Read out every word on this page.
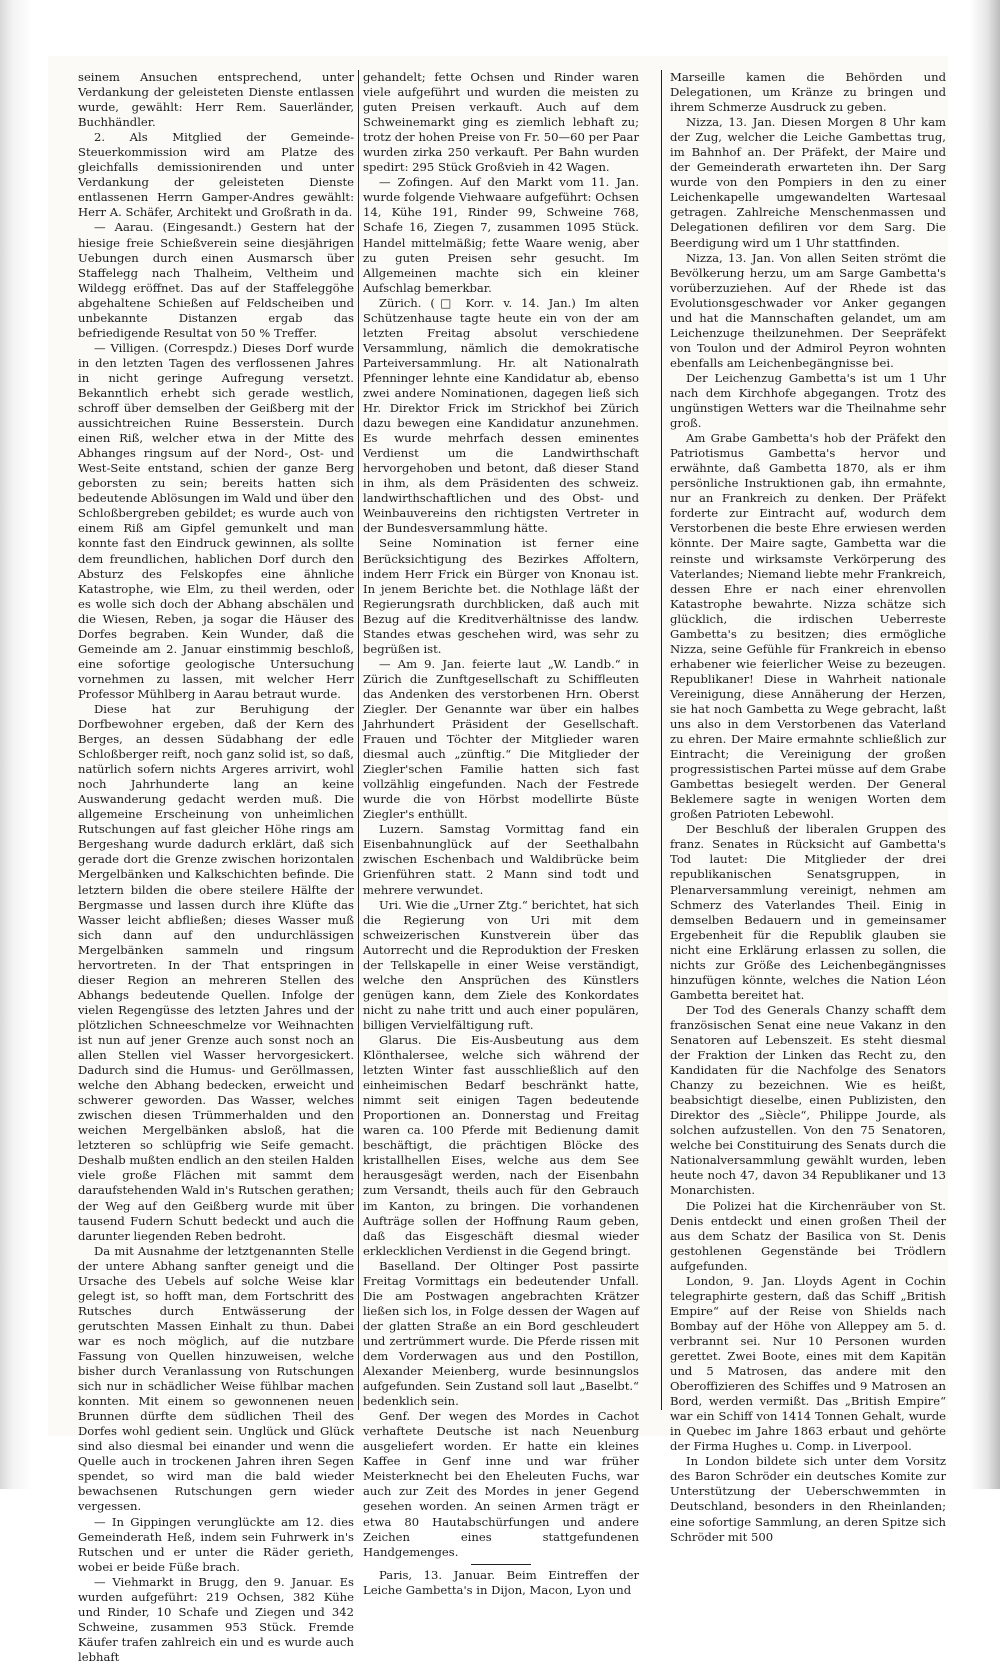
seinem Ansuchen entsprechend, unter Verdankung der geleisteten Dienste entlassen wurde, gewählt: Herr Rem. Sauerländer, Buchhändler.

2. Als Mitglied der Gemeinde-Steuerkommission wird am Platze des gleichfalls demissionirenden und unter Verdankung der geleisteten Dienste entlassenen Herrn Gamper-Andres gewählt: Herr A. Schäfer, Architekt und Großrath in da.

— Aarau. (Eingesandt.) Gestern hat der hiesige freie Schießverein seine diesjährigen Uebungen durch einen Ausmarsch über Staffelegg nach Thalheim, Veltheim und Wildegg eröffnet. Das auf der Staffeleggöhe abgehaltene Schießen auf Feldscheiben und unbekannte Distanzen ergab das befriedigende Resultat von 50 % Treffer.

— Villigen. (Correspdz.) Dieses Dorf wurde in den letzten Tagen des verflossenen Jahres in nicht geringe Aufregung versetzt. Bekanntlich erhebt sich gerade westlich, schroff über demselben der Geißberg mit der aussichtreichen Ruine Besserstein. Durch einen Riß, welcher etwa in der Mitte des Abhanges ringsum auf der Nord-, Ost- und West-Seite entstand, schien der ganze Berg geborsten zu sein; bereits hatten sich bedeutende Ablösungen im Wald und über den Schloßbergreben gebildet; es wurde auch von einem Riß am Gipfel gemunkelt und man konnte fast den Eindruck gewinnen, als sollte dem freundlichen, hablichen Dorf durch den Absturz des Felskopfes eine ähnliche Katastrophe, wie Elm, zu theil werden, oder es wolle sich doch der Abhang abschälen und die Wiesen, Reben, ja sogar die Häuser des Dorfes begraben. Kein Wunder, daß die Gemeinde am 2. Januar einstimmig beschloß, eine sofortige geologische Untersuchung vornehmen zu lassen, mit welcher Herr Professor Mühlberg in Aarau betraut wurde.

Diese hat zur Beruhigung der Dorfbewohner ergeben, daß der Kern des Berges, an dessen Südabhang der edle Schloßberger reift, noch ganz solid ist, so daß, natürlich sofern nichts Argeres arrivirt, wohl noch Jahrhunderte lang an keine Auswanderung gedacht werden muß. Die allgemeine Erscheinung von unheimlichen Rutschungen auf fast gleicher Höhe rings am Bergeshang wurde dadurch erklärt, daß sich gerade dort die Grenze zwischen horizontalen Mergelbänken und Kalkschichten befinde. Die letztern bilden die obere steilere Hälfte der Bergmasse und lassen durch ihre Klüfte das Wasser leicht abfließen; dieses Wasser muß sich dann auf den undurchlässigen Mergelbänken sammeln und ringsum hervortreten. In der That entspringen in dieser Region an mehreren Stellen des Abhangs bedeutende Quellen. Infolge der vielen Regengüsse des letzten Jahres und der plötzlichen Schneeschmelze vor Weihnachten ist nun auf jener Grenze auch sonst noch an allen Stellen viel Wasser hervorgesickert. Dadurch sind die Humus- und Geröllmassen, welche den Abhang bedecken, erweicht und schwerer geworden. Das Wasser, welches zwischen diesen Trümmerhalden und den weichen Mergelbänken absloß, hat die letzteren so schlüpfrig wie Seife gemacht. Deshalb mußten endlich an den steilen Halden viele große Flächen mit sammt dem daraufstehenden Wald in's Rutschen gerathen; der Weg auf den Geißberg wurde mit über tausend Fudern Schutt bedeckt und auch die darunter liegenden Reben bedroht.

Da mit Ausnahme der letztgenannten Stelle der untere Abhang sanfter geneigt und die Ursache des Uebels auf solche Weise klar gelegt ist, so hofft man, dem Fortschritt des Rutsches durch Entwässerung der gerutschten Massen Einhalt zu thun. Dabei war es noch möglich, auf die nutzbare Fassung von Quellen hinzuweisen, welche bisher durch Veranlassung von Rutschungen sich nur in schädlicher Weise fühlbar machen konnten. Mit einem so gewonnenen neuen Brunnen dürfte dem südlichen Theil des Dorfes wohl gedient sein. Unglück und Glück sind also diesmal bei einander und wenn die Quelle auch in trockenen Jahren ihren Segen spendet, so wird man die bald wieder bewachsenen Rutschungen gern wieder vergessen.

— In Gippingen verunglückte am 12. dies Gemeinderath Heß, indem sein Fuhrwerk in's Rutschen und er unter die Räder gerieth, wobei er beide Füße brach.

— Viehmarkt in Brugg, den 9. Januar. Es wurden aufgeführt: 219 Ochsen, 382 Kühe und Rinder, 10 Schafe und Ziegen und 342 Schweine, zusammen 953 Stück. Fremde Käufer trafen zahlreich ein und es wurde auch lebhaft

gehandelt; fette Ochsen und Rinder waren viele aufgeführt und wurden die meisten zu guten Preisen verkauft. Auch auf dem Schweinemarkt ging es ziemlich lebhaft zu; trotz der hohen Preise von Fr. 50—60 per Paar wurden zirka 250 verkauft. Per Bahn wurden spedirt: 295 Stück Großvieh in 42 Wagen.

— Zofingen. Auf den Markt vom 11. Jan. wurde folgende Viehwaare aufgeführt: Ochsen 14, Kühe 191, Rinder 99, Schweine 768, Schafe 16, Ziegen 7, zusammen 1095 Stück. Handel mittelmäßig; fette Waare wenig, aber zu guten Preisen sehr gesucht. Im Allgemeinen machte sich ein kleiner Aufschlag bemerkbar.

Zürich. (□ Korr. v. 14. Jan.) Im alten Schützenhause tagte heute ein von der am letzten Freitag absolut verschiedene Versammlung, nämlich die demokratische Parteiversammlung. Hr. alt Nationalrath Pfenninger lehnte eine Kandidatur ab, ebenso zwei andere Nominationen, dagegen ließ sich Hr. Direktor Frick im Strickhof bei Zürich dazu bewegen eine Kandidatur anzunehmen. Es wurde mehrfach dessen eminentes Verdienst um die Landwirthschaft hervorgehoben und betont, daß dieser Stand in ihm, als dem Präsidenten des schweiz. landwirthschaftlichen und des Obst- und Weinbauvereins den richtigsten Vertreter in der Bundesversammlung hätte.

Seine Nomination ist ferner eine Berücksichtigung des Bezirkes Affoltern, indem Herr Frick ein Bürger von Knonau ist. In jenem Berichte bet. die Nothlage läßt der Regierungsrath durchblicken, daß auch mit Bezug auf die Kreditverhältnisse des landw. Standes etwas geschehen wird, was sehr zu begrüßen ist.

— Am 9. Jan. feierte laut „W. Landb.“ in Zürich die Zunftgesellschaft zu Schiffleuten das Andenken des verstorbenen Hrn. Oberst Ziegler. Der Genannte war über ein halbes Jahrhundert Präsident der Gesellschaft. Frauen und Töchter der Mitglieder waren diesmal auch „zünftig.“ Die Mitglieder der Ziegler'schen Familie hatten sich fast vollzählig eingefunden. Nach der Festrede wurde die von Hörbst modellirte Büste Ziegler's enthüllt.

Luzern. Samstag Vormittag fand ein Eisenbahnunglück auf der Seethalbahn zwischen Eschenbach und Waldibrücke beim Grienführen statt. 2 Mann sind todt und mehrere verwundet.

Uri. Wie die „Urner Ztg.“ berichtet, hat sich die Regierung von Uri mit dem schweizerischen Kunstverein über das Autorrecht und die Reproduktion der Fresken der Tellskapelle in einer Weise verständigt, welche den Ansprüchen des Künstlers genügen kann, dem Ziele des Konkordates nicht zu nahe tritt und auch einer populären, billigen Vervielfältigung ruft.

Glarus. Die Eis-Ausbeutung aus dem Klönthalersee, welche sich während der letzten Winter fast ausschließlich auf den einheimischen Bedarf beschränkt hatte, nimmt seit einigen Tagen bedeutende Proportionen an. Donnerstag und Freitag waren ca. 100 Pferde mit Bedienung damit beschäftigt, die prächtigen Blöcke des kristallhellen Eises, welche aus dem See herausgesägt werden, nach der Eisenbahn zum Versandt, theils auch für den Gebrauch im Kanton, zu bringen. Die vorhandenen Aufträge sollen der Hoffnung Raum geben, daß das Eisgeschäft diesmal wieder erklecklichen Verdienst in die Gegend bringt.

Baselland. Der Oltinger Post passirte Freitag Vormittags ein bedeutender Unfall. Die am Postwagen angebrachten Krätzer ließen sich los, in Folge dessen der Wagen auf der glatten Straße an ein Bord geschleudert und zertrümmert wurde. Die Pferde rissen mit dem Vorderwagen aus und den Postillon, Alexander Meienberg, wurde besinnungslos aufgefunden. Sein Zustand soll laut „Baselbt.“ bedenklich sein.

Genf. Der wegen des Mordes in Cachot verhaftete Deutsche ist nach Neuenburg ausgeliefert worden. Er hatte ein kleines Kaffee in Genf inne und war früher Meisterknecht bei den Eheleuten Fuchs, war auch zur Zeit des Mordes in jener Gegend gesehen worden. An seinen Armen trägt er etwa 80 Hautabschürfungen und andere Zeichen eines stattgefundenen Handgemenges.

Paris, 13. Januar. Beim Eintreffen der Leiche Gambetta's in Dijon, Macon, Lyon und

Marseille kamen die Behörden und Delegationen, um Kränze zu bringen und ihrem Schmerze Ausdruck zu geben.

Nizza, 13. Jan. Diesen Morgen 8 Uhr kam der Zug, welcher die Leiche Gambettas trug, im Bahnhof an. Der Präfekt, der Maire und der Gemeinderath erwarteten ihn. Der Sarg wurde von den Pompiers in den zu einer Leichenkapelle umgewandelten Wartesaal getragen. Zahlreiche Menschenmassen und Delegationen defiliren vor dem Sarg. Die Beerdigung wird um 1 Uhr stattfinden.

Nizza, 13. Jan. Von allen Seiten strömt die Bevölkerung herzu, um am Sarge Gambetta's vorüberzuziehen. Auf der Rhede ist das Evolutionsgeschwader vor Anker gegangen und hat die Mannschaften gelandet, um am Leichenzuge theilzunehmen. Der Seepräfekt von Toulon und der Admirol Peyron wohnten ebenfalls am Leichenbegängnisse bei.

Der Leichenzug Gambetta's ist um 1 Uhr nach dem Kirchhofe abgegangen. Trotz des ungünstigen Wetters war die Theilnahme sehr groß.

Am Grabe Gambetta's hob der Präfekt den Patriotismus Gambetta's hervor und erwähnte, daß Gambetta 1870, als er ihm persönliche Instruktionen gab, ihn ermahnte, nur an Frankreich zu denken. Der Präfekt forderte zur Eintracht auf, wodurch dem Verstorbenen die beste Ehre erwiesen werden könnte. Der Maire sagte, Gambetta war die reinste und wirksamste Verkörperung des Vaterlandes; Niemand liebte mehr Frankreich, dessen Ehre er nach einer ehrenvollen Katastrophe bewahrte. Nizza schätze sich glücklich, die irdischen Ueberreste Gambetta's zu besitzen; dies ermögliche Nizza, seine Gefühle für Frankreich in ebenso erhabener wie feierlicher Weise zu bezeugen. Republikaner! Diese in Wahrheit nationale Vereinigung, diese Annäherung der Herzen, sie hat noch Gambetta zu Wege gebracht, laßt uns also in dem Verstorbenen das Vaterland zu ehren. Der Maire ermahnte schließlich zur Eintracht; die Vereinigung der großen progressistischen Partei müsse auf dem Grabe Gambettas besiegelt werden. Der General Beklemere sagte in wenigen Worten dem großen Patrioten Lebewohl.

Der Beschluß der liberalen Gruppen des franz. Senates in Rücksicht auf Gambetta's Tod lautet: Die Mitglieder der drei republikanischen Senatsgruppen, in Plenarversammlung vereinigt, nehmen am Schmerz des Vaterlandes Theil. Einig in demselben Bedauern und in gemeinsamer Ergebenheit für die Republik glauben sie nicht eine Erklärung erlassen zu sollen, die nichts zur Größe des Leichenbegängnisses hinzufügen könnte, welches die Nation Léon Gambetta bereitet hat.

Der Tod des Generals Chanzy schafft dem französischen Senat eine neue Vakanz in den Senatoren auf Lebenszeit. Es steht diesmal der Fraktion der Linken das Recht zu, den Kandidaten für die Nachfolge des Senators Chanzy zu bezeichnen. Wie es heißt, beabsichtigt dieselbe, einen Publizisten, den Direktor des „Siècle“, Philippe Jourde, als solchen aufzustellen. Von den 75 Senatoren, welche bei Constituirung des Senats durch die Nationalversammlung gewählt wurden, leben heute noch 47, davon 34 Republikaner und 13 Monarchisten.

Die Polizei hat die Kirchenräuber von St. Denis entdeckt und einen großen Theil der aus dem Schatz der Basilica von St. Denis gestohlenen Gegenstände bei Trödlern aufgefunden.

London, 9. Jan. Lloyds Agent in Cochin telegraphirte gestern, daß das Schiff „British Empire“ auf der Reise von Shields nach Bombay auf der Höhe von Alleppey am 5. d. verbrannt sei. Nur 10 Personen wurden gerettet. Zwei Boote, eines mit dem Kapitän und 5 Matrosen, das andere mit den Oberoffizieren des Schiffes und 9 Matrosen an Bord, werden vermißt. Das „British Empire“ war ein Schiff von 1414 Tonnen Gehalt, wurde in Quebec im Jahre 1863 erbaut und gehörte der Firma Hughes u. Comp. in Liverpool.

In London bildete sich unter dem Vorsitz des Baron Schröder ein deutsches Komite zur Unterstützung der Ueberschwemmten in Deutschland, besonders in den Rheinlanden; eine sofortige Sammlung, an deren Spitze sich Schröder mit 500
